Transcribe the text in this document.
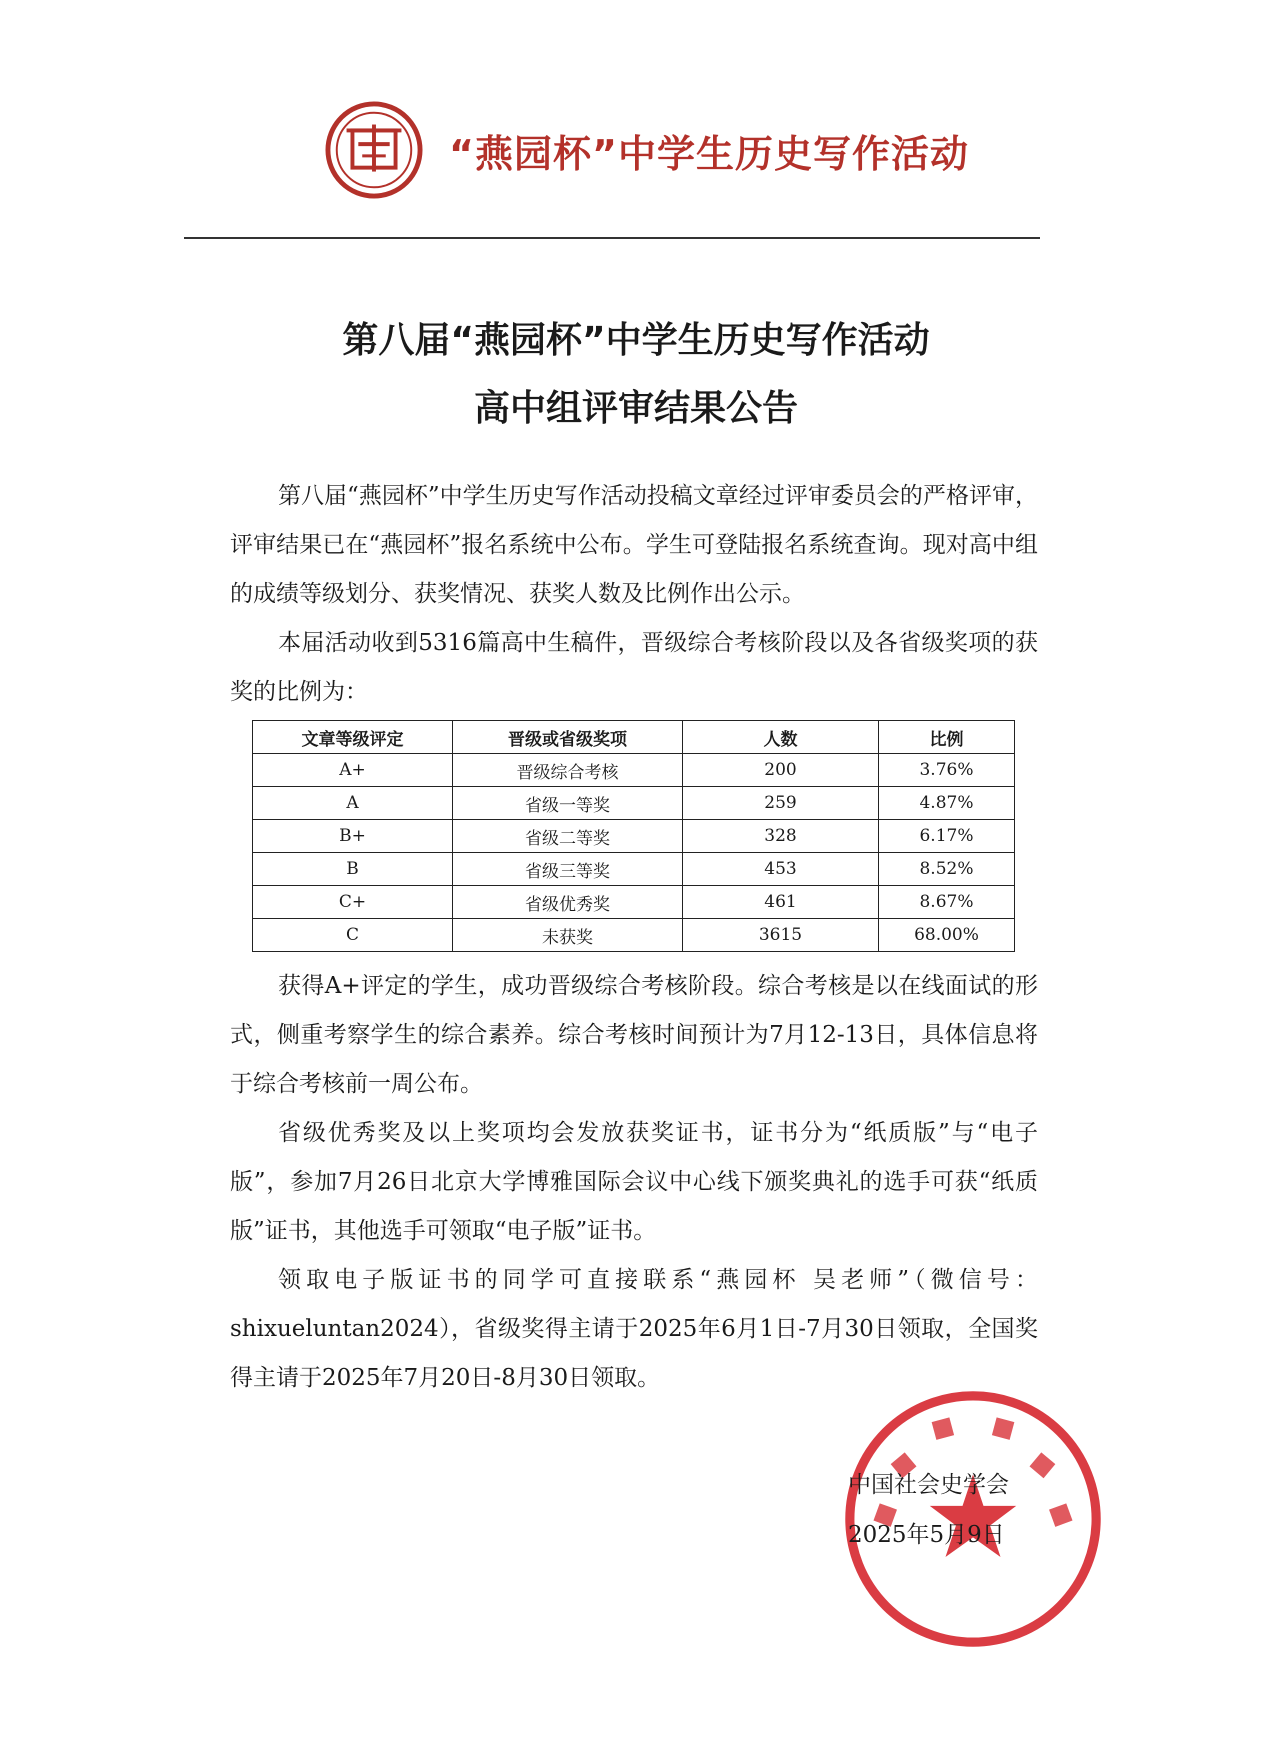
“燕园杯”中学生历史写作活动
第八届“燕园杯”中学生历史写作活动
高中组评审结果公告

第八届“燕园杯”中学生历史写作活动投稿文章经过评审委员会的严格评审，评审结果已在“燕园杯”报名系统中公布。学生可登陆报名系统查询。现对高中组的成绩等级划分、获奖情况、获奖人数及比例作出公示。

本届活动收到5316篇高中生稿件，晋级综合考核阶段以及各省级奖项的获奖的比例为：

文章等级评定	晋级或省级奖项	人数	比例
A+	晋级综合考核	200	3.76%
A	省级一等奖	259	4.87%
B+	省级二等奖	328	6.17%
B	省级三等奖	453	8.52%
C+	省级优秀奖	461	8.67%
C	未获奖	3615	68.00%

获得A+评定的学生，成功晋级综合考核阶段。综合考核是以在线面试的形式，侧重考察学生的综合素养。综合考核时间预计为7月12-13日，具体信息将于综合考核前一周公布。

省级优秀奖及以上奖项均会发放获奖证书，证书分为“纸质版”与“电子版”，参加7月26日北京大学博雅国际会议中心线下颁奖典礼的选手可获“纸质版”证书，其他选手可领取“电子版”证书。

领取电子版证书的同学可直接联系“燕园杯 吴老师”（微信号：shixueluntan2024），省级奖得主请于2025年6月1日-7月30日领取，全国奖得主请于2025年7月20日-8月30日领取。

中国社会史学会
2025年5月9日
